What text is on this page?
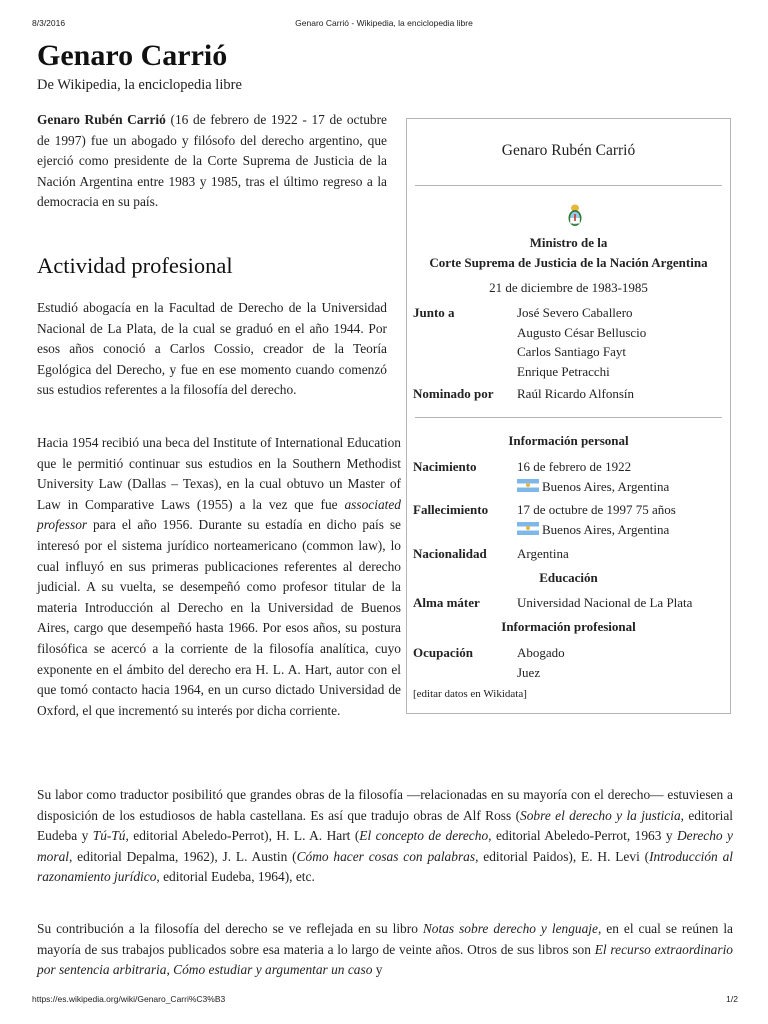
8/3/2016	Genaro Carrió - Wikipedia, la enciclopedia libre
Genaro Carrió
De Wikipedia, la enciclopedia libre

Genaro Rubén Carrió (16 de febrero de 1922 - 17 de octubre de 1997) fue un abogado y filósofo del derecho argentino, que ejerció como presidente de la Corte Suprema de Justicia de la Nación Argentina entre 1983 y 1985, tras el último regreso a la democracia en su país.

Actividad profesional

Estudió abogacía en la Facultad de Derecho de la Universidad Nacional de La Plata, de la cual se graduó en el año 1944. Por esos años conoció a Carlos Cossio, creador de la Teoría Egológica del Derecho, y fue en ese momento cuando comenzó sus estudios referentes a la filosofía del derecho.

Hacia 1954 recibió una beca del Institute of International Education que le permitió continuar sus estudios en la Southern Methodist University Law (Dallas – Texas), en la cual obtuvo un Master of Law in Comparative Laws (1955) a la vez que fue associated professor para el año 1956. Durante su estadía en dicho país se interesó por el sistema jurídico norteamericano (common law), lo cual influyó en sus primeras publicaciones referentes al derecho judicial. A su vuelta, se desempeñó como profesor titular de la materia Introducción al Derecho en la Universidad de Buenos Aires, cargo que desempeñó hasta 1966. Por esos años, su postura filosófica se acercó a la corriente de la filosofía analítica, cuyo exponente en el ámbito del derecho era H. L. A. Hart, autor con el que tomó contacto hacia 1964, en un curso dictado Universidad de Oxford, el que incrementó su interés por dicha corriente.

Su labor como traductor posibilitó que grandes obras de la filosofía —relacionadas en su mayoría con el derecho— estuviesen a disposición de los estudiosos de habla castellana. Es así que tradujo obras de Alf Ross (Sobre el derecho y la justicia, editorial Eudeba y Tú-Tú, editorial Abeledo-Perrot), H. L. A. Hart (El concepto de derecho, editorial Abeledo-Perrot, 1963 y Derecho y moral, editorial Depalma, 1962), J. L. Austin (Cómo hacer cosas con palabras, editorial Paidos), E. H. Levi (Introducción al razonamiento jurídico, editorial Eudeba, 1964), etc.

Su contribución a la filosofía del derecho se ve reflejada en su libro Notas sobre derecho y lenguaje, en el cual se reúnen la mayoría de sus trabajos publicados sobre esa materia a lo largo de veinte años. Otros de sus libros son El recurso extraordinario por sentencia arbitraria, Cómo estudiar y argumentar un caso y

Genaro Rubén Carrió
Ministro de la
Corte Suprema de Justicia de la Nación Argentina
21 de diciembre de 1983-1985
Junto a	José Severo Caballero
Augusto César Belluscio
Carlos Santiago Fayt
Enrique Petracchi
Nominado por	Raúl Ricardo Alfonsín
Información personal
Nacimiento	16 de febrero de 1922
Buenos Aires, Argentina
Fallecimiento	17 de octubre de 1997 75 años
Buenos Aires, Argentina
Nacionalidad	Argentina
Educación
Alma máter	Universidad Nacional de La Plata
Información profesional
Ocupación	Abogado
Juez
[editar datos en Wikidata]
https://es.wikipedia.org/wiki/Genaro_Carri%C3%B3	1/2
